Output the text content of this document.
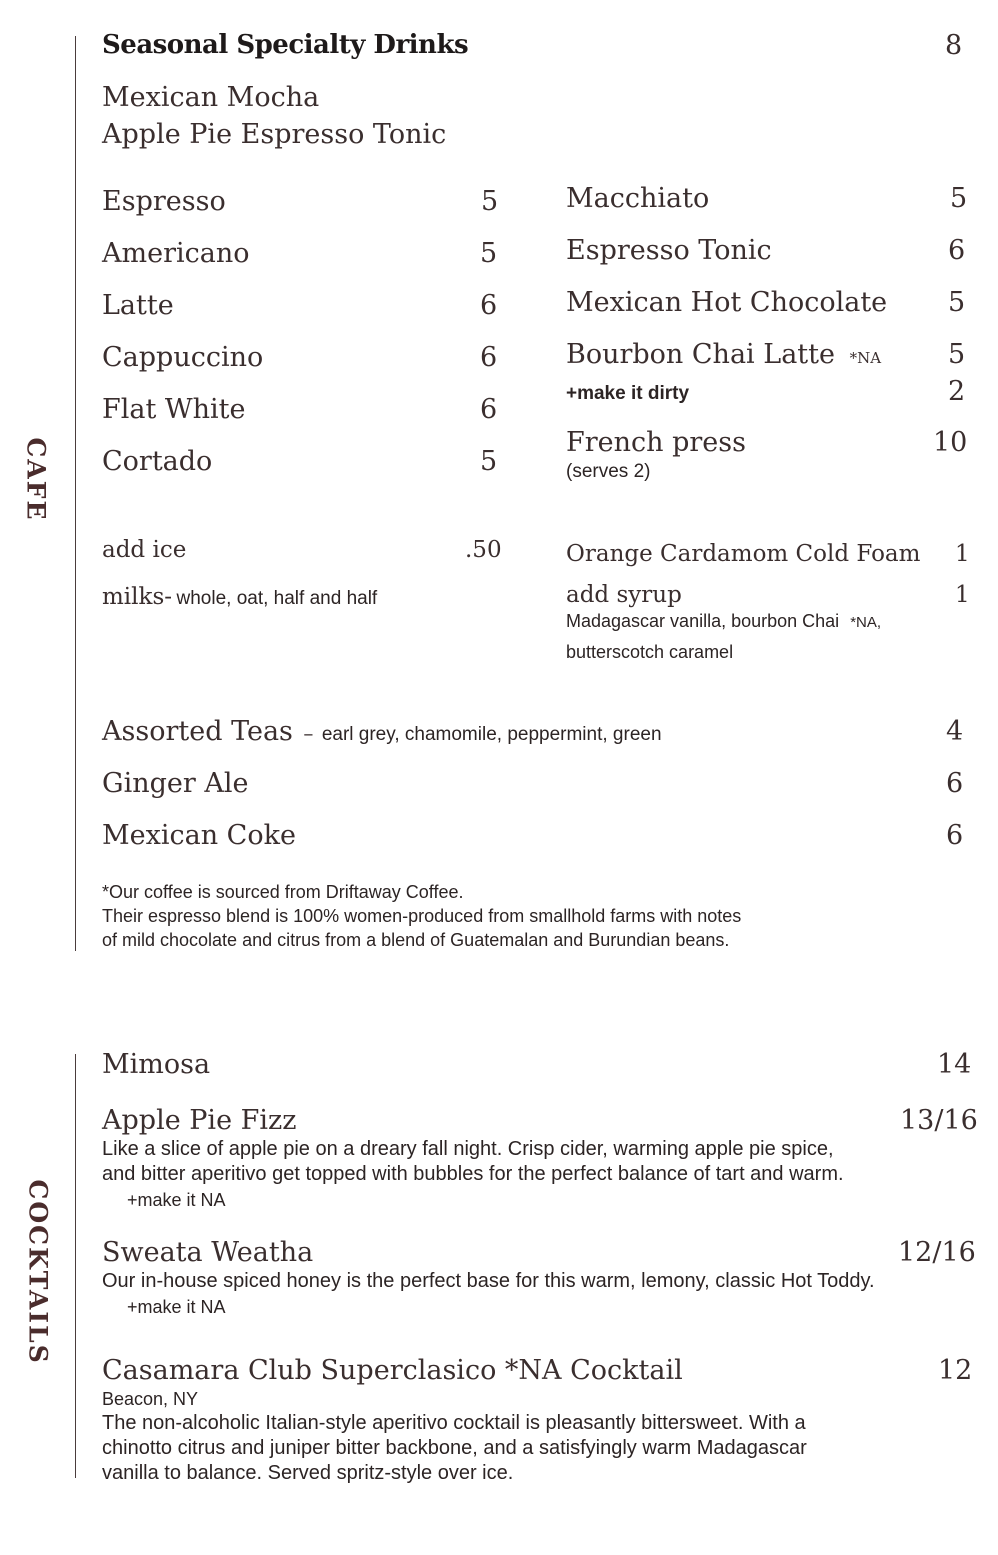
CAFE
COCKTAILS
Seasonal Specialty Drinks	8
Mexican Mocha
Apple Pie Espresso Tonic
Espresso	5
Americano	5
Latte	6
Cappuccino	6
Flat White	6
Cortado	5
Macchiato	5
Espresso Tonic	6
Mexican Hot Chocolate 5
Bourbon Chai Latte *NA 5
+make it dirty	2
French press	10
(serves 2)
add ice	.50
milks- whole, oat, half and half
Orange Cardamom Cold Foam 1
add syrup	1
Madagascar vanilla, bourbon Chai *NA,
butterscotch caramel
Assorted Teas – earl grey, chamomile, peppermint, green	4
Ginger Ale	6
Mexican Coke	6
*Our coffee is sourced from Driftaway Coffee.
Their espresso blend is 100% women-produced from smallhold farms with notes
of mild chocolate and citrus from a blend of Guatemalan and Burundian beans.
Mimosa	14
Apple Pie Fizz	13/16
Like a slice of apple pie on a dreary fall night. Crisp cider, warming apple pie spice,
and bitter aperitivo get topped with bubbles for the perfect balance of tart and warm.
+make it NA
Sweata Weatha	12/16
Our in-house spiced honey is the perfect base for this warm, lemony, classic Hot Toddy.
+make it NA
Casamara Club Superclasico *NA Cocktail	12
Beacon, NY
The non-alcoholic Italian-style aperitivo cocktail is pleasantly bittersweet. With a
chinotto citrus and juniper bitter backbone, and a satisfyingly warm Madagascar
vanilla to balance. Served spritz-style over ice.
